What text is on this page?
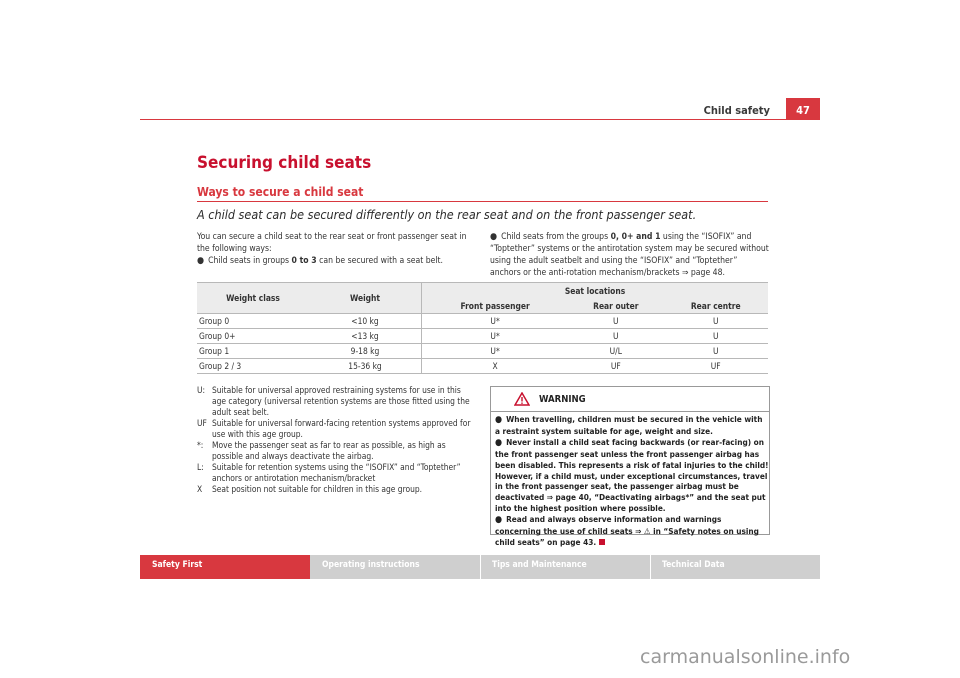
Child safety	47
Securing child seats
Ways to secure a child seat
A child seat can be secured differently on the rear seat and on the front passenger seat.
You can secure a child seat to the rear seat or front passenger seat in the following ways:
● Child seats in groups 0 to 3 can be secured with a seat belt.
● Child seats from the groups 0, 0+ and 1 using the “ISOFIX” and “Toptether” systems or the antirotation system may be secured without using the adult seatbelt and using the “ISOFIX” and “Toptether” anchors or the anti-rotation mechanism/brackets ⇒ page 48.
Weight class	Weight	Seat locations		
		Front passenger	Rear outer	Rear centre
Group 0	<10 kg	U*	U	U
Group 0+	<13 kg	U*	U	U
Group 1	9-18 kg	U*	U/L	U
Group 2 / 3	15-36 kg	X	UF	UF
U: Suitable for universal approved restraining systems for use in this age category (universal retention systems are those fitted using the adult seat belt.
UF Suitable for universal forward-facing retention systems approved for use with this age group.
*:	Move the passenger seat as far to rear as possible, as high as possible and always deactivate the airbag.
L: Suitable for retention systems using the “ISOFIX” and “Toptether” anchors or antirotation mechanism/bracket
X	Seat position not suitable for children in this age group.
WARNING
● When travelling, children must be secured in the vehicle with a restraint system suitable for age, weight and size.
● Never install a child seat facing backwards (or rear-facing) on the front passenger seat unless the front passenger airbag has been disabled. This represents a risk of fatal injuries to the child! However, if a child must, under exceptional circumstances, travel in the front passenger seat, the passenger airbag must be deactivated ⇒ page 40, “Deactivating airbags*” and the seat put into the highest position where possible.
● Read and always observe information and warnings concerning the use of child seats ⇒ ⚠ in “Safety notes on using child seats” on page 43.
Safety First	Operating instructions	Tips and Maintenance	Technical Data
carmanualsonline.info
